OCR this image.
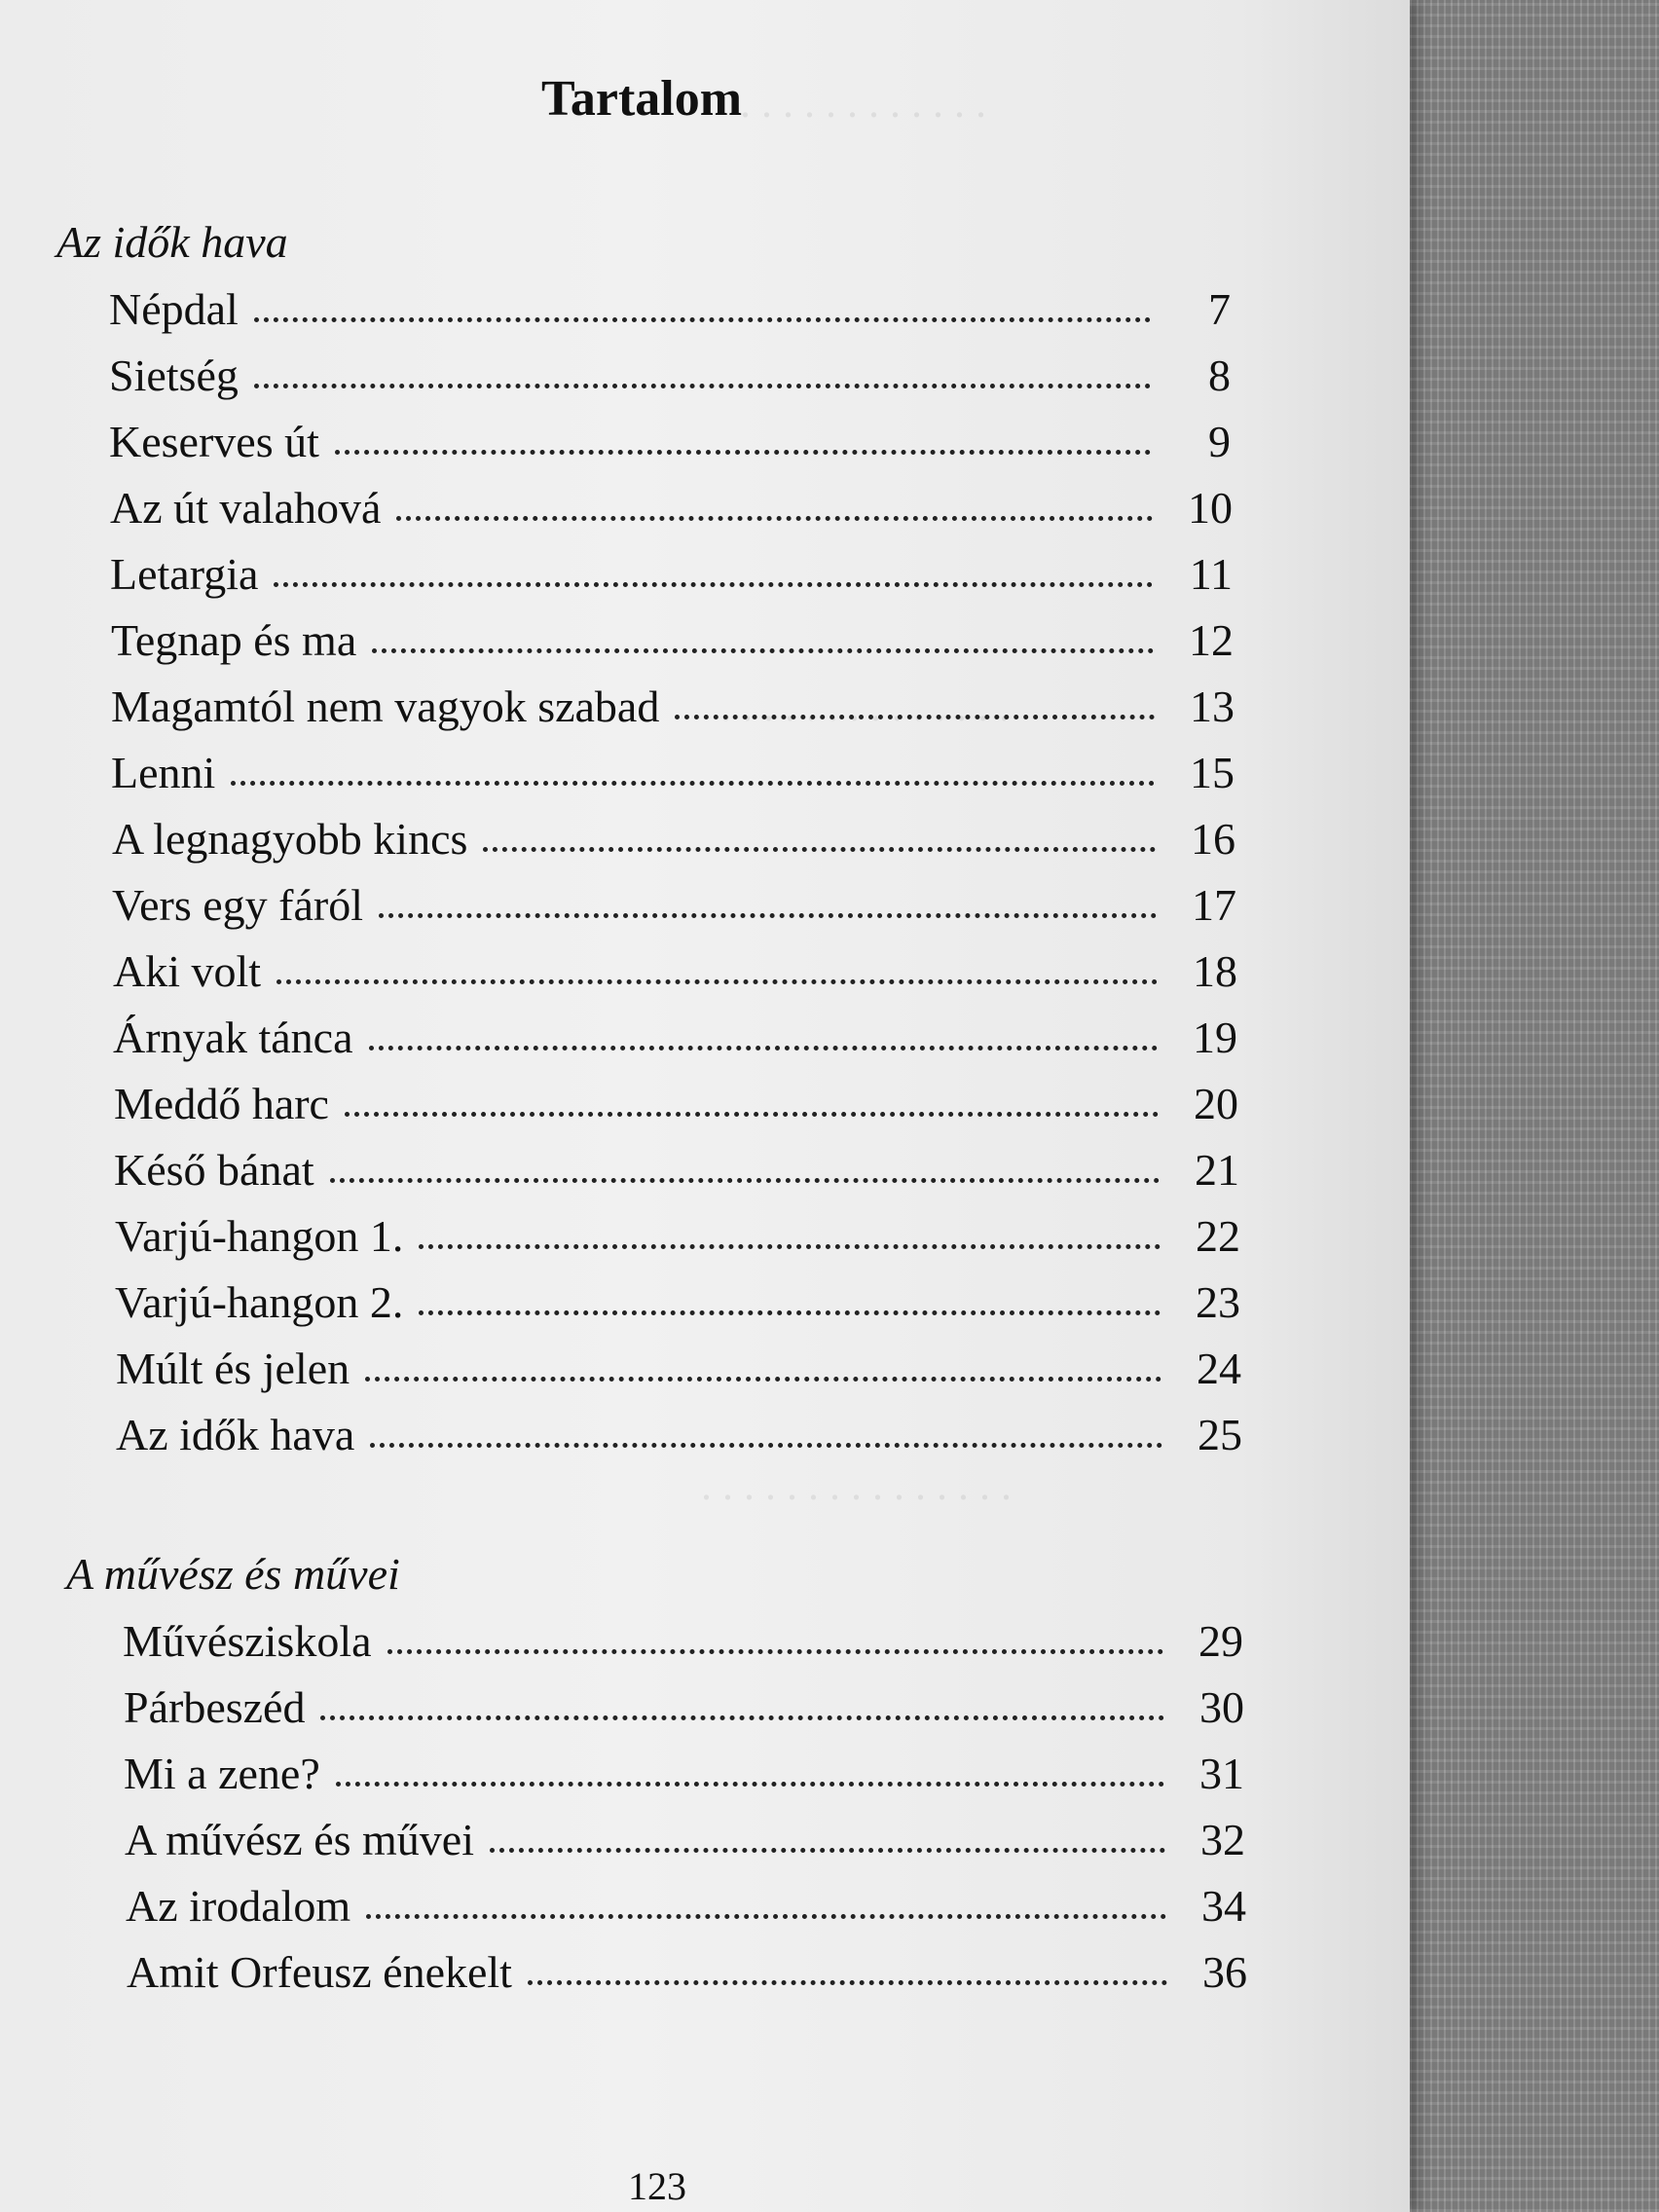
. . . . . . . . . . . .
. . . . . . . . . . . . . .
. . . . . . . . . . . . . . .
Tartalom
Az idők hava
Népdal	7
Sietség	8
Keserves út	9
Az út valahová	10
Letargia	11
Tegnap és ma	12
Magamtól nem vagyok szabad	13
Lenni	15
A legnagyobb kincs	16
Vers egy fáról	17
Aki volt	18
Árnyak tánca	19
Meddő harc	20
Késő bánat	21
Varjú-hangon 1.	22
Varjú-hangon 2.	23
Múlt és jelen	24
Az idők hava	25
A művész és művei
Művésziskola	29
Párbeszéd	30
Mi a zene?	31
A művész és művei	32
Az irodalom	34
Amit Orfeusz énekelt	36
123
